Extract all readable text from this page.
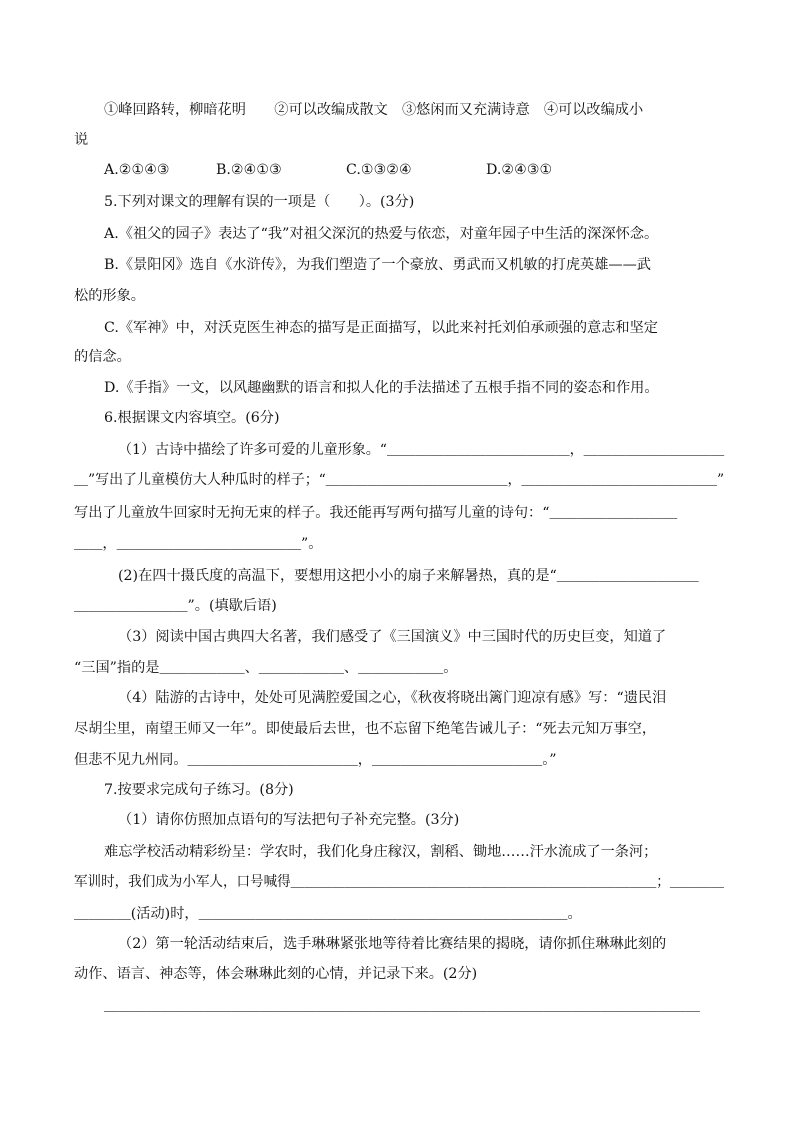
①峰回路转，柳暗花明　　②可以改编成散文　③悠闲而又充满诗意　④可以改编成小
说
A.②①④③	B.②④①③	C.①③②④	D.②④③①
5.下列对课文的理解有误的一项是（　　）。(3分)
A.《祖父的园子》表达了“我”对祖父深沉的热爱与依恋，对童年园子中生活的深深怀念。
B.《景阳冈》选自《水浒传》，为我们塑造了一个豪放、勇武而又机敏的打虎英雄——武
松的形象。
C.《军神》中，对沃克医生神态的描写是正面描写，以此来衬托刘伯承顽强的意志和坚定
的信念。
D.《手指》一文，以风趣幽默的语言和拟人化的手法描述了五根手指不同的姿态和作用。
6.根据课文内容填空。(6分)
（1）古诗中描绘了许多可爱的儿童形象。“＿＿＿＿＿＿＿＿＿＿＿＿＿，＿＿＿＿＿＿＿＿＿＿
＿”写出了儿童模仿大人种瓜时的样子；“＿＿＿＿＿＿＿＿＿＿＿＿＿，＿＿＿＿＿＿＿＿＿＿＿＿＿＿”
写出了儿童放牛回家时无拘无束的样子。我还能再写两句描写儿童的诗句：“＿＿＿＿＿＿＿＿＿
＿＿，＿＿＿＿＿＿＿＿＿＿＿＿＿”。
(2)在四十摄氏度的高温下，要想用这把小小的扇子来解暑热，真的是“＿＿＿＿＿＿＿＿＿＿
＿＿＿＿＿＿＿＿”。(填歇后语)
（3）阅读中国古典四大名著，我们感受了《三国演义》中三国时代的历史巨变，知道了
“三国”指的是＿＿＿＿＿＿、＿＿＿＿＿＿、＿＿＿＿＿＿。
（4）陆游的古诗中，处处可见满腔爱国之心，《秋夜将晓出篱门迎凉有感》写：“遗民泪
尽胡尘里，南望王师又一年”。即使最后去世，也不忘留下绝笔告诫儿子：“死去元知万事空，
但悲不见九州同。＿＿＿＿＿＿＿＿＿＿＿＿，＿＿＿＿＿＿＿＿＿＿＿＿。”
7.按要求完成句子练习。(8分)
（1）请你仿照加点语句的写法把句子补充完整。(3分)
难忘学校活动精彩纷呈：学农时，我们化身庄稼汉，割稻、锄地……汗水流成了一条河；
军训时，我们成为小军人，口号喊得＿＿＿＿＿＿＿＿＿＿＿＿＿＿＿＿＿＿＿＿＿＿＿＿＿＿＿；＿＿＿＿
＿＿＿＿(活动)时，＿＿＿＿＿＿＿＿＿＿＿＿＿＿＿＿＿＿＿＿＿＿＿＿＿＿。
（2）第一轮活动结束后，选手琳琳紧张地等待着比赛结果的揭晓，请你抓住琳琳此刻的
动作、语言、神态等，体会琳琳此刻的心情，并记录下来。(2分)
＿＿＿＿＿＿＿＿＿＿＿＿＿＿＿＿＿＿＿＿＿＿＿＿＿＿＿＿＿＿＿＿＿＿＿＿＿＿＿＿＿＿
